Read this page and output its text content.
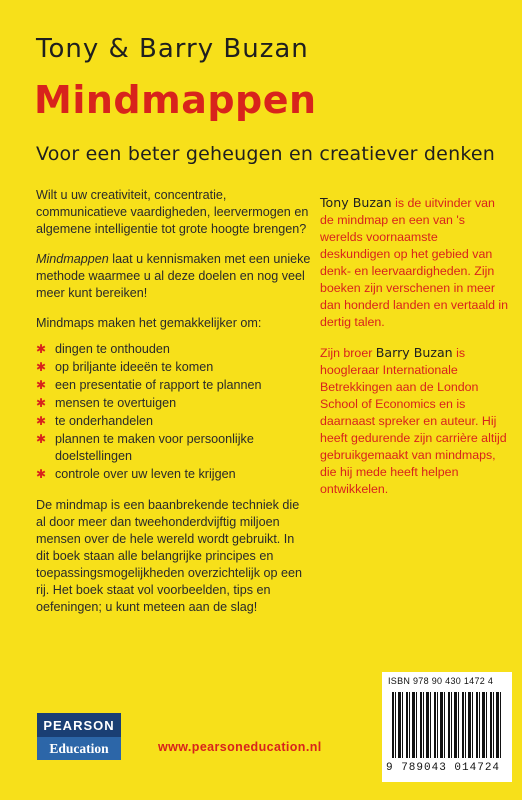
Tony & Barry Buzan
Mindmappen
Voor een beter geheugen en creatiever denken

Wilt u uw creativiteit, concentratie, communicatieve vaardigheden, leervermogen en algemene intelligentie tot grote hoogte brengen?

Mindmappen laat u kennismaken met een unieke methode waarmee u al deze doelen en nog veel meer kunt bereiken!

Mindmaps maken het gemakkelijker om:

✱ dingen te onthouden
✱ op briljante ideeën te komen
✱ een presentatie of rapport te plannen
✱ mensen te overtuigen
✱ te onderhandelen
✱ plannen te maken voor persoonlijke doelstellingen
✱ controle over uw leven te krijgen

De mindmap is een baanbrekende techniek die al door meer dan tweehonderdvijftig miljoen mensen over de hele wereld wordt gebruikt. In dit boek staan alle belangrijke principes en toepassingsmogelijkheden overzichtelijk op een rij. Het boek staat vol voorbeelden, tips en oefeningen; u kunt meteen aan de slag!

Tony Buzan is de uitvinder van de mindmap en een van 's werelds voornaamste deskundigen op het gebied van denk- en leervaardigheden. Zijn boeken zijn verschenen in meer dan honderd landen en vertaald in dertig talen.

Zijn broer Barry Buzan is hoogleraar Internationale Betrekkingen aan de London School of Economics en is daarnaast spreker en auteur. Hij heeft gedurende zijn carrière altijd gebruikgemaakt van mindmaps, die hij mede heeft helpen ontwikkelen.

PEARSON
Education	www.pearsoneducation.nl
ISBN 978 90 430 1472 4
9 789043 014724
